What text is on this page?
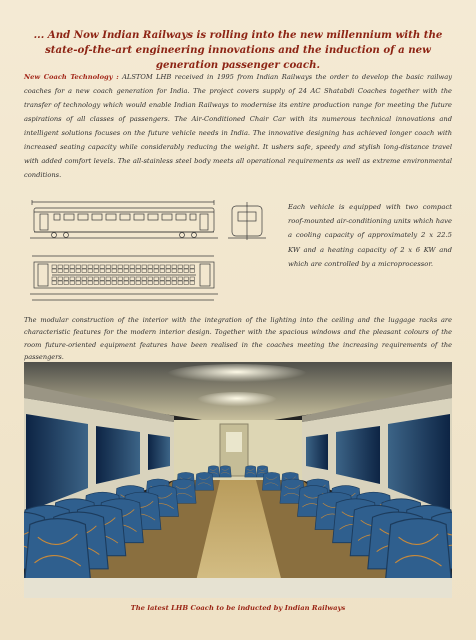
... And Now Indian Railways is rolling into the new millennium with the state-of-the-art engineering innovations and the induction of a new generation passenger coach.
New Coach Technology : ALSTOM LHB received in 1995 from Indian Railways the order to develop the basic railway coaches for a new coach generation for India. The project covers supply of 24 AC Shatabdi Coaches together with the transfer of technology which would enable Indian Railways to modernise its entire production range for meeting the future aspirations of all classes of passengers. The Air-Conditioned Chair Car with its numerous technical innovations and intelligent solutions focuses on the future vehicle needs in India. The innovative designing has achieved longer coach with increased seating capacity while considerably reducing the weight. It ushers safe, speedy and stylish long-distance travel with added comfort levels. The all-stainless steel body meets all operational requirements as well as extreme environmental conditions.
Each vehicle is equipped with two compact roof-mounted air-conditioning units which have a cooling capacity of approximately 2 x 22.5 KW and a heating capacity of 2 x 6 KW and which are controlled by a microprocessor.
The modular construction of the interior with the integration of the lighting into the ceiling and the luggage racks are characteristic features for the modern interior design. Together with the spacious windows and the pleasant colours of the room future-oriented equipment features have been realised in the coaches meeting the increasing requirements of the passengers.
The latest LHB Coach to be inducted by Indian Railways
